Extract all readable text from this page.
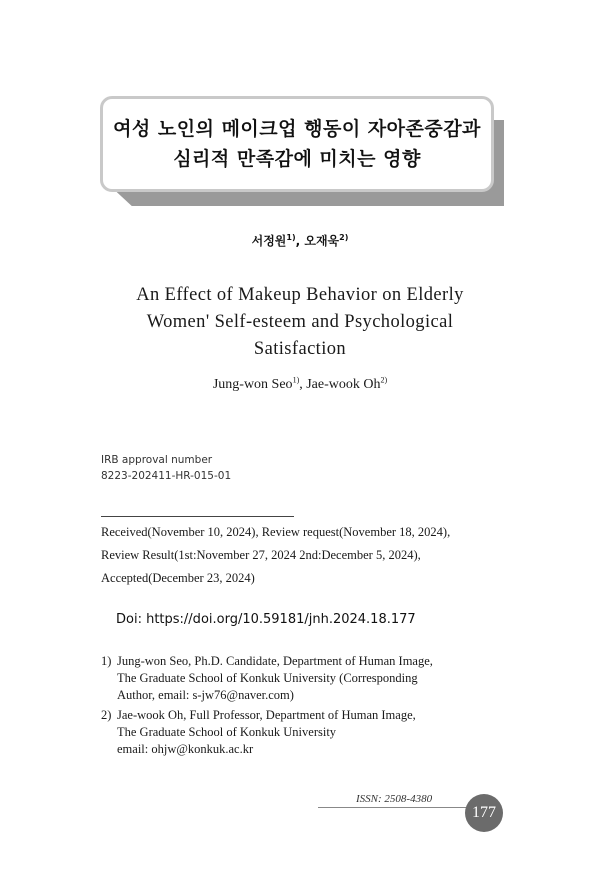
여성 노인의 메이크업 행동이 자아존중감과
심리적 만족감에 미치는 영향
서정원$^{1)}$, 오재욱$^{2)}$
An Effect of Makeup Behavior on Elderly
Women' Self-esteem and Psychological
Satisfaction
Jung-won Seo$^{1)}$, Jae-wook Oh$^{2)}$
IRB approval number
8223-202411-HR-015-01
Received(November 10, 2024), Review request(November 18, 2024),
Review Result(1st:November 27, 2024 2nd:December 5, 2024),
Accepted(December 23, 2024)
Doi: https://doi.org/10.59181/jnh.2024.18.177
1) Jung-won Seo, Ph.D. Candidate, Department of Human Image,
The Graduate School of Konkuk University (Corresponding
Author, email: s-jw76@naver.com)
2) Jae-wook Oh, Full Professor, Department of Human Image,
The Graduate School of Konkuk University
email: ohjw@konkuk.ac.kr
ISSN: 2508-4380
177
